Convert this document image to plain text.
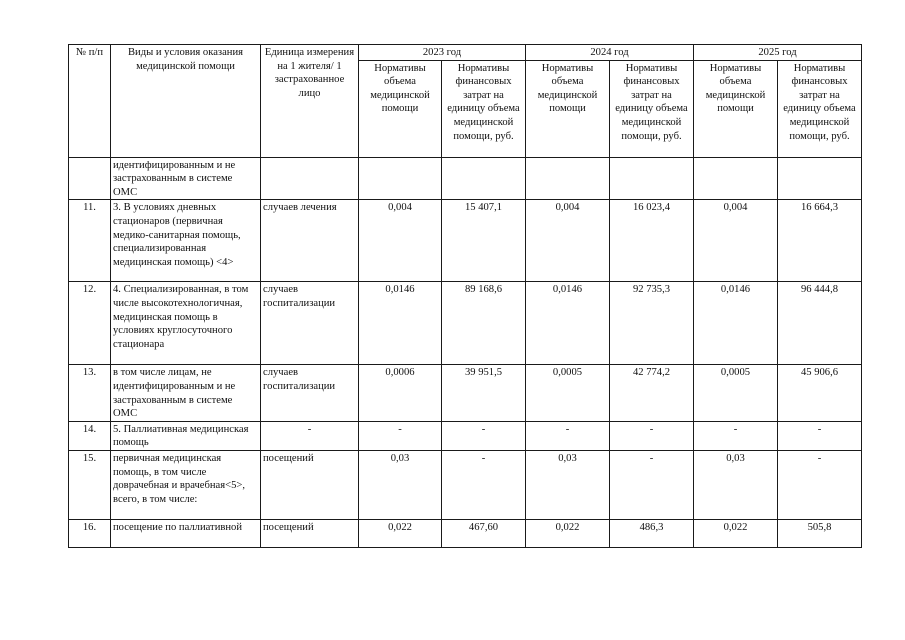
№ п/п	Виды и условия оказания медицинской помощи	Единица измерения на 1 жителя/ 1 застрахованное лицо	2023 год		2024 год		2025 год	
			Нормативы объема медицинской помощи	Нормативы финансовых затрат на единицу объема медицинской помощи, руб.	Нормативы объема медицинской помощи	Нормативы финансовых затрат на единицу объема медицинской помощи, руб.	Нормативы объема медицинской помощи	Нормативы финансовых затрат на единицу объема медицинской помощи, руб.
	идентифицированным и не застрахованным в системе ОМС							
11.	3. В условиях дневных стационаров (первичная медико-санитарная помощь, специализированная медицинская помощь) <4>	случаев лечения	0,004	15 407,1	0,004	16 023,4	0,004	16 664,3
12.	4. Специализированная, в том числе высокотехнологичная, медицинская помощь в условиях круглосуточного стационара	случаев госпитализации	0,0146	89 168,6	0,0146	92 735,3	0,0146	96 444,8
13.	в том числе лицам, не идентифицированным и не застрахованным в системе ОМС	случаев госпитализации	0,0006	39 951,5	0,0005	42 774,2	0,0005	45 906,6
14.	5. Паллиативная медицинская помощь	-	-	-	-	-	-	-
15.	первичная медицинская помощь, в том числе доврачебная и врачебная<5>, всего, в том числе:	посещений	0,03	-	0,03	-	0,03	-
16.	посещение по паллиативной	посещений	0,022	467,60	0,022	486,3	0,022	505,8
